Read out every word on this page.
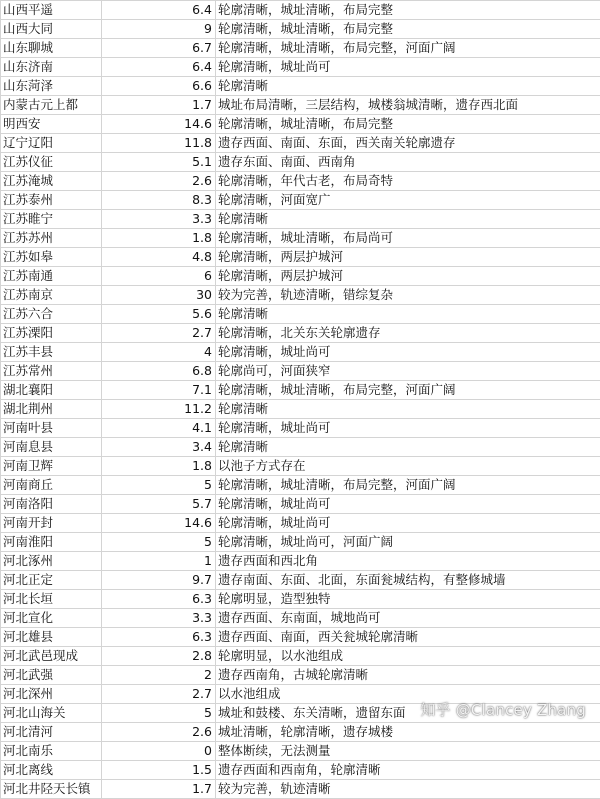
山西平遥	6.4	轮廓清晰，城址清晰，布局完整
山西大同	9	轮廓清晰，城址清晰，布局完整
山东聊城	6.7	轮廓清晰，城址清晰，布局完整，河面广阔
山东济南	6.4	轮廓清晰，城址尚可
山东菏泽	6.6	轮廓清晰
内蒙古元上都	1.7	城址布局清晰，三层结构，城楼翁城清晰，遗存西北面
明西安	14.6	轮廓清晰，城址清晰，布局完整
辽宁辽阳	11.8	遗存西面、南面、东面，西关南关轮廓遗存
江苏仪征	5.1	遗存东面、南面、西南角
江苏淹城	2.6	轮廓清晰，年代古老，布局奇特
江苏泰州	8.3	轮廓清晰，河面宽广
江苏睢宁	3.3	轮廓清晰
江苏苏州	1.8	轮廓清晰，城址清晰，布局尚可
江苏如皋	4.8	轮廓清晰，两层护城河
江苏南通	6	轮廓清晰，两层护城河
江苏南京	30	较为完善，轨迹清晰，错综复杂
江苏六合	5.6	轮廓清晰
江苏溧阳	2.7	轮廓清晰，北关东关轮廓遗存
江苏丰县	4	轮廓清晰，城址尚可
江苏常州	6.8	轮廓尚可，河面狭窄
湖北襄阳	7.1	轮廓清晰，城址清晰，布局完整，河面广阔
湖北荆州	11.2	轮廓清晰
河南叶县	4.1	轮廓清晰，城址尚可
河南息县	3.4	轮廓清晰
河南卫辉	1.8	以池子方式存在
河南商丘	5	轮廓清晰，城址清晰，布局完整，河面广阔
河南洛阳	5.7	轮廓清晰，城址尚可
河南开封	14.6	轮廓清晰，城址尚可
河南淮阳	5	轮廓清晰，城址尚可，河面广阔
河北涿州	1	遗存西面和西北角
河北正定	9.7	遗存南面、东面、北面，东面瓮城结构，有整修城墙
河北长垣	6.3	轮廓明显，造型独特
河北宣化	3.3	遗存西面、东南面，城地尚可
河北雄县	6.3	遗存西面、南面，西关瓮城轮廓清晰
河北武邑现成	2.8	轮廓明显，以水池组成
河北武强	2	遗存西南角，古城轮廓清晰
河北深州	2.7	以水池组成
河北山海关	5	城址和鼓楼、东关清晰，遗留东面
河北清河	2.6	城址清晰，轮廓清晰，遗存城楼
河北南乐	0	整体断续，无法测量
河北离线	1.5	遗存西面和西南角，轮廓清晰
河北井陉天长镇	1.7	较为完善，轨迹清晰
知乎 @Clancey Zhang
